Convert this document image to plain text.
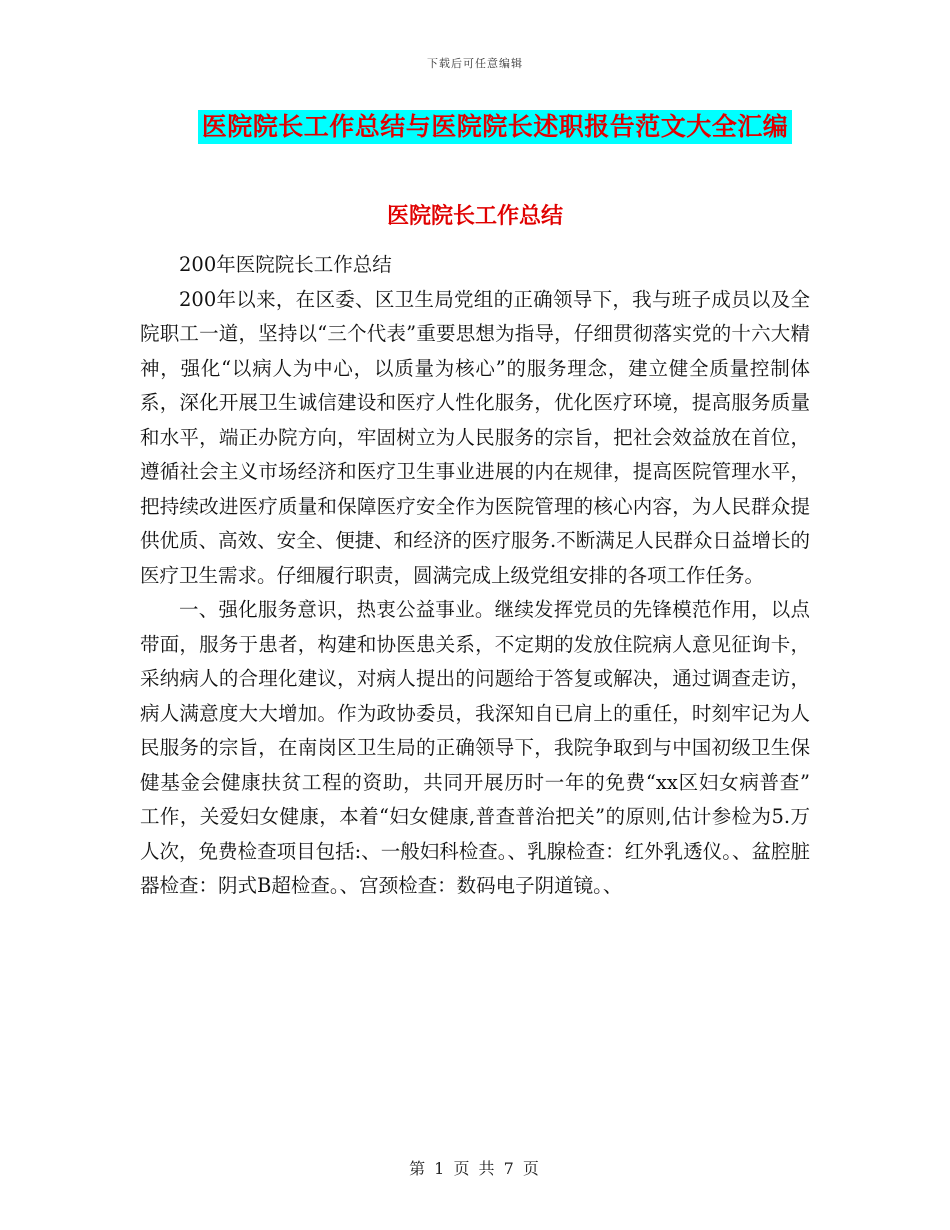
下载后可任意编辑
医院院长工作总结与医院院长述职报告范文大全汇编
医院院长工作总结

200年医院院长工作总结

200年以来，在区委、区卫生局党组的正确领导下，我与班子成员以及全院职工一道，坚持以“三个代表”重要思想为指导，仔细贯彻落实党的十六大精神，强化“以病人为中心，以质量为核心”的服务理念，建立健全质量控制体系，深化开展卫生诚信建设和医疗人性化服务，优化医疗环境，提高服务质量和水平，端正办院方向，牢固树立为人民服务的宗旨，把社会效益放在首位，遵循社会主义市场经济和医疗卫生事业进展的内在规律，提高医院管理水平，把持续改进医疗质量和保障医疗安全作为医院管理的核心内容，为人民群众提供优质、高效、安全、便捷、和经济的医疗服务.不断满足人民群众日益增长的医疗卫生需求。仔细履行职责，圆满完成上级党组安排的各项工作任务。

一、强化服务意识，热衷公益事业。继续发挥党员的先锋模范作用，以点带面，服务于患者，构建和协医患关系，不定期的发放住院病人意见征询卡，采纳病人的合理化建议，对病人提出的问题给于答复或解决，通过调查走访，病人满意度大大增加。作为政协委员，我深知自已肩上的重任，时刻牢记为人民服务的宗旨，在南岗区卫生局的正确领导下，我院争取到与中国初级卫生保健基金会健康扶贫工程的资助，共同开展历时一年的免费“xx区妇女病普查” 工作，关爱妇女健康，本着“妇女健康,普查普治把关”的原则,估计参检为5.万人次，免费检查项目包括:、一般妇科检查。、乳腺检查：红外乳透仪。、盆腔脏器检查：阴式B超检查。、宫颈检查：数码电子阴道镜。、

第 1 页 共 7 页
